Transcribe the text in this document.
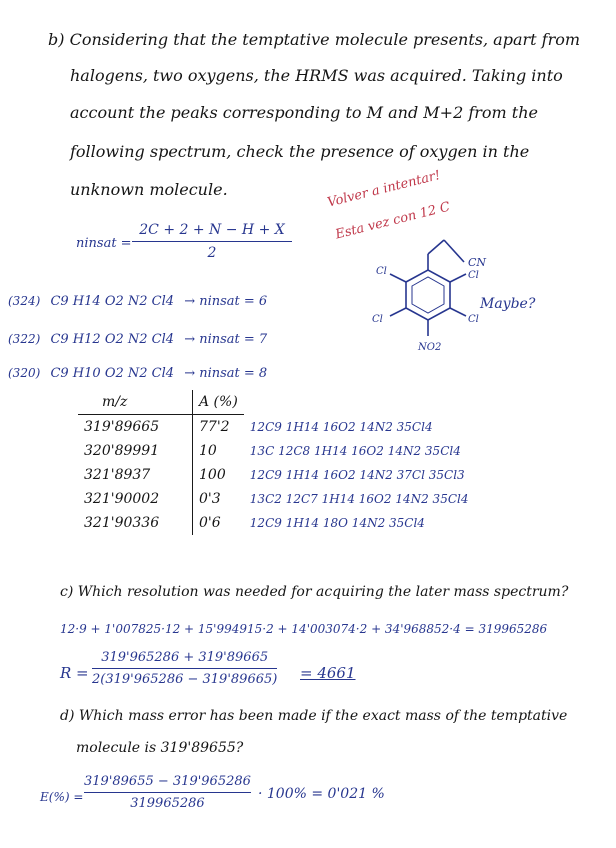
b) Considering that the temptative molecule presents, apart from
halogens, two oxygens, the HRMS was acquired. Taking into
account the peaks corresponding to M and M+2 from the
following spectrum, check the presence of oxygen in the
unknown molecule.
ninsat =
2C + 2 + N − H + X
2
Volver a intentar!
Esta vez con 12 C
(324) C9 H14 O2 N2 Cl4 → ninsat = 6
(322) C9 H12 O2 N2 Cl4 → ninsat = 7
(320) C9 H10 O2 N2 Cl4 → ninsat = 8
CN
Cl
Cl
Cl
Cl
NO2
Maybe?
m/z	A (%)	
319'89665	77'2	12C9 1H14 16O2 14N2 35Cl4
320'89991	10	13C 12C8 1H14 16O2 14N2 35Cl4
321'8937	100	12C9 1H14 16O2 14N2 37Cl 35Cl3
321'90002	0'3	13C2 12C7 1H14 16O2 14N2 35Cl4
321'90336	0'6	12C9 1H14 18O 14N2 35Cl4
c) Which resolution was needed for acquiring the later mass spectrum?
12·9 + 1'007825·12 + 15'994915·2 + 14'003074·2 + 34'968852·4 = 319965286
R =
319'965286 + 319'89665
2(319'965286 − 319'89665) = 4661
d) Which mass error has been made if the exact mass of the temptative
molecule is 319'89655?
E(%) =
319'89655 − 319'965286
319965286
· 100% = 0'021 %
